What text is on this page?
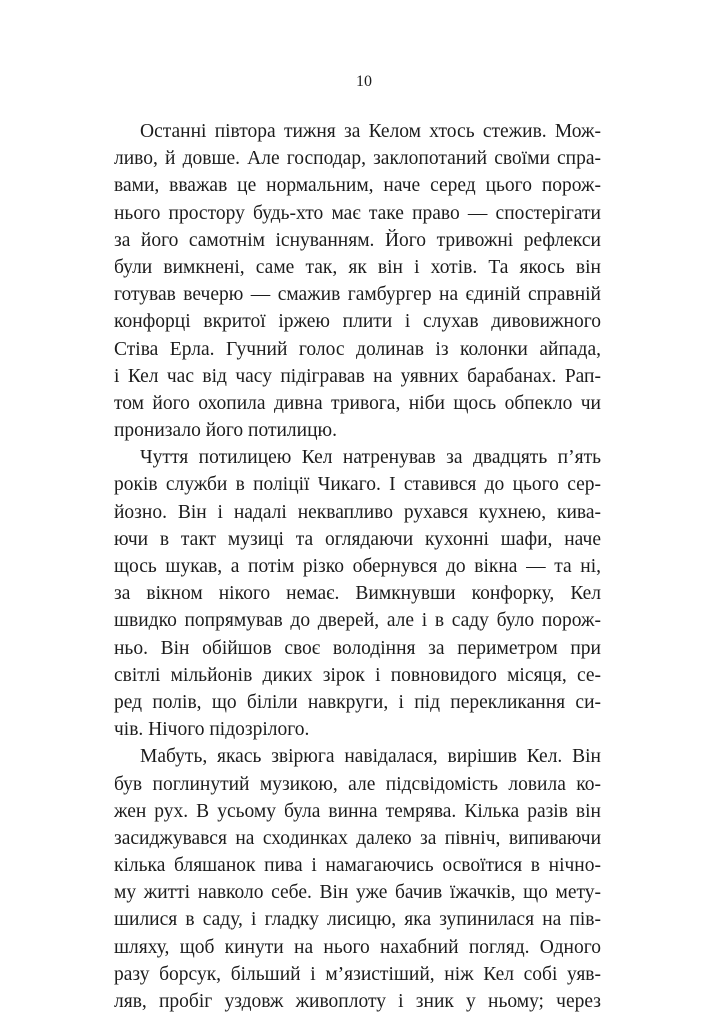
10
Останні півтора тижня за Келом хтось стежив. Мож-
ливо, й довше. Але господар, заклопотаний своїми спра-
вами, вважав це нормальним, наче серед цього порож-
нього простору будь-хто має таке право — спостерігати
за його самотнім існуванням. Його тривожні рефлекси
були вимкнені, саме так, як він і хотів. Та якось він
готував вечерю — смажив гамбургер на єдиній справній
конфорці вкритої іржею плити і слухав дивовижного
Стіва Ерла. Гучний голос долинав із колонки айпада,
і Кел час від часу підігравав на уявних барабанах. Рап-
том його охопила дивна тривога, ніби щось обпекло чи
пронизало його потилицю.
Чуття потилицею Кел натренував за двадцять п’ять
років служби в поліції Чикаго. І ставився до цього сер-
йозно. Він і надалі неквапливо рухався кухнею, кива-
ючи в такт музиці та оглядаючи кухонні шафи, наче
щось шукав, а потім різко обернувся до вікна — та ні,
за вікном нікого немає. Вимкнувши конфорку, Кел
швидко попрямував до дверей, але і в саду було порож-
ньо. Він обійшов своє володіння за периметром при
світлі мільйонів диких зірок і повновидого місяця, се-
ред полів, що біліли навкруги, і під перекликання си-
чів. Нічого підозрілого.
Мабуть, якась звірюга навідалася, вирішив Кел. Він
був поглинутий музикою, але підсвідомість ловила ко-
жен рух. В усьому була винна темрява. Кілька разів він
засиджувався на сходинках далеко за північ, випиваючи
кілька бляшанок пива і намагаючись освоїтися в нічно-
му житті навколо себе. Він уже бачив їжачків, що мету-
шилися в саду, і гладку лисицю, яка зупинилася на пів-
шляху, щоб кинути на нього нахабний погляд. Одного
разу борсук, більший і м’язистіший, ніж Кел собі уяв-
ляв, пробіг уздовж живоплоту і зник у ньому; через
